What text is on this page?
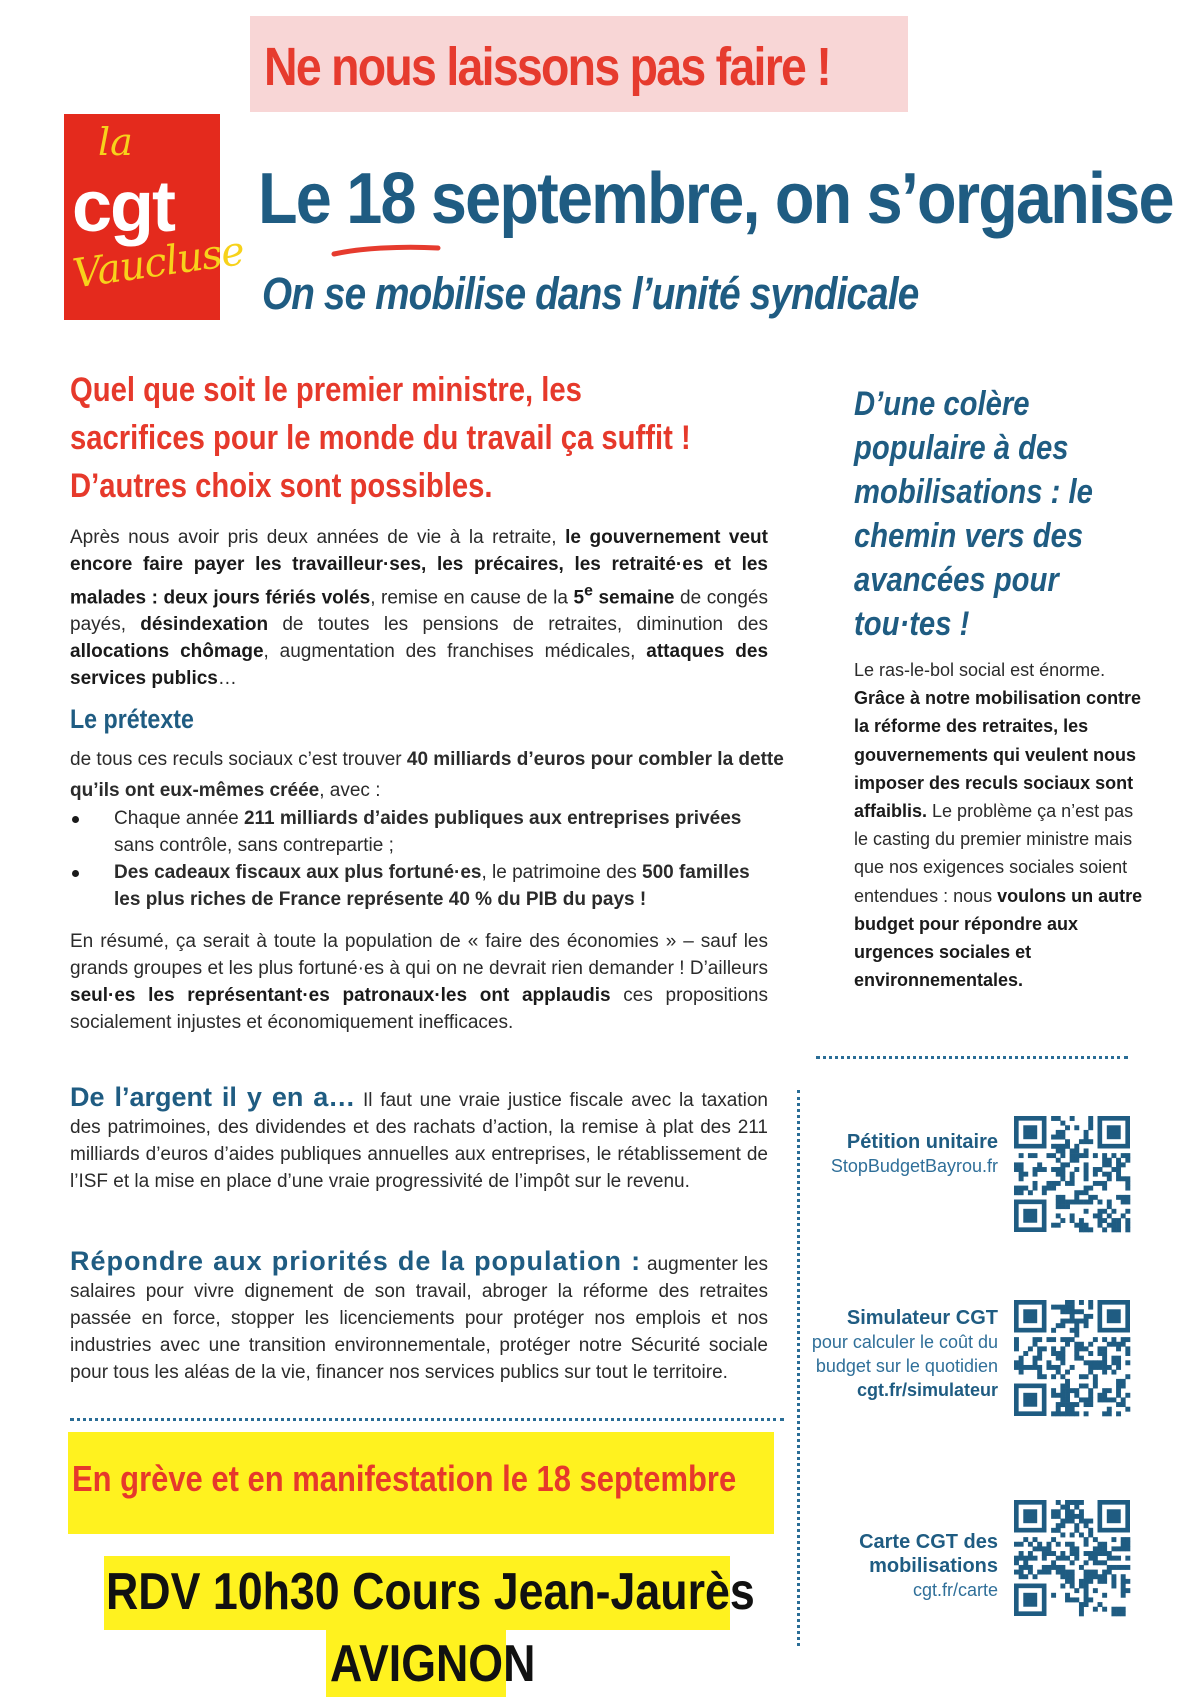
Ne nous laissons pas faire !
la
cgt
Vaucluse
Le 18 septembre, on s’organise
On se mobilise dans l’unité syndicale
Quel que soit le premier ministre, les sacrifices pour le monde du travail ça suffit ! D’autres choix sont possibles.
Après nous avoir pris deux années de vie à la retraite, le gouvernement veut encore faire payer les travailleur·ses, les précaires, les retraité·es et les malades : deux jours fériés volés, remise en cause de la 5e semaine de congés payés, désindexation de toutes les pensions de retraites, diminution des allocations chômage, augmentation des franchises médicales, attaques des services publics…
Le prétexte
de tous ces reculs sociaux c’est trouver 40 milliards d’euros pour combler la dette qu’ils ont eux-mêmes créée, avec :
Chaque année 211 milliards d’aides publiques aux entreprises privées sans contrôle, sans contrepartie ;
Des cadeaux fiscaux aux plus fortuné·es, le patrimoine des 500 familles les plus riches de France représente 40 % du PIB du pays !
En résumé, ça serait à toute la population de « faire des économies » – sauf les grands groupes et les plus fortuné·es à qui on ne devrait rien demander ! D’ailleurs seul·es les représentant·es patronaux·les ont applaudis ces propositions socialement injustes et économiquement inefficaces.
De l’argent il y en a… Il faut une vraie justice fiscale avec la taxation des patrimoines, des dividendes et des rachats d’action, la remise à plat des 211 milliards d’euros d’aides publiques annuelles aux entreprises, le rétablissement de l’ISF et la mise en place d’une vraie progressivité de l’impôt sur le revenu.
Répondre aux priorités de la population : augmenter les salaires pour vivre dignement de son travail, abroger la réforme des retraites passée en force, stopper les licenciements pour protéger nos emplois et nos industries avec une transition environnementale, protéger notre Sécurité sociale pour tous les aléas de la vie, financer nos services publics sur tout le territoire.
En grève et en manifestation le 18 septembre
RDV 10h30 Cours Jean-Jaurès
AVIGNON
D’une colère populaire à des mobilisations : le chemin vers des avancées pour tou·tes !
Le ras-le-bol social est énorme. Grâce à notre mobilisation contre la réforme des retraites, les gouvernements qui veulent nous imposer des reculs sociaux sont affaiblis. Le problème ça n’est pas le casting du premier ministre mais que nos exigences sociales soient entendues : nous voulons un autre budget pour répondre aux urgences sociales et environnementales.
Pétition unitaire
StopBudgetBayrou.fr
Simulateur CGT
pour calculer le coût du budget sur le quotidien
cgt.fr/simulateur
Carte CGT des mobilisations
cgt.fr/carte
